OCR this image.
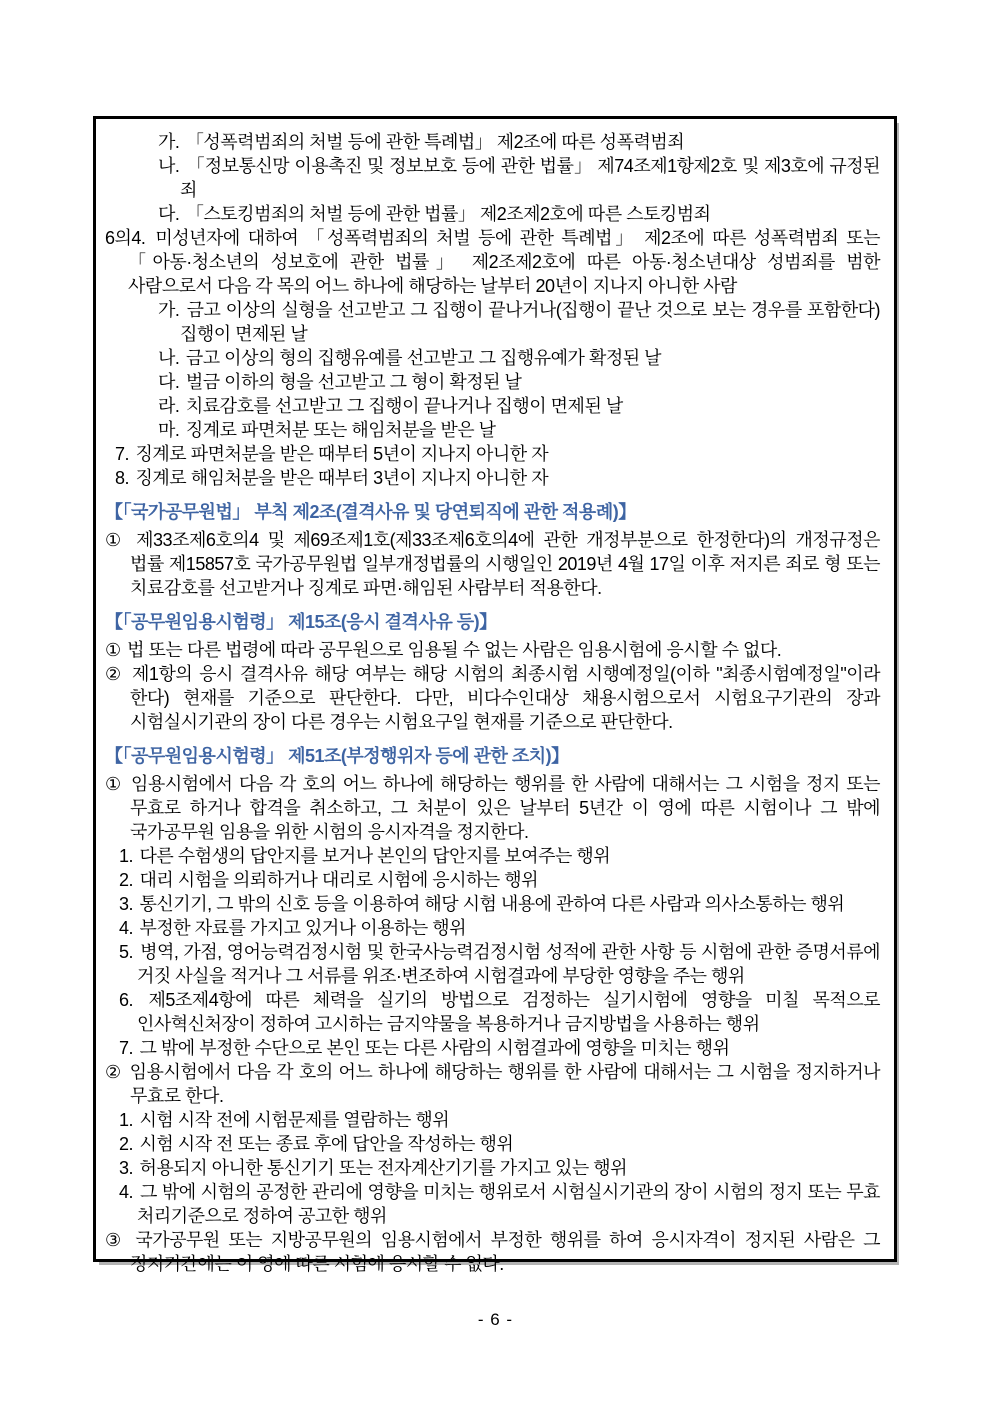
가. 「성폭력범죄의 처벌 등에 관한 특례법」 제2조에 따른 성폭력범죄

나. 「정보통신망 이용촉진 및 정보보호 등에 관한 법률」 제74조제1항제2호 및 제3호에 규정된 죄

다. 「스토킹범죄의 처벌 등에 관한 법률」 제2조제2호에 따른 스토킹범죄

6의4. 미성년자에 대하여 「성폭력범죄의 처벌 등에 관한 특례법」 제2조에 따른 성폭력범죄 또는 「아동·청소년의 성보호에 관한 법률」 제2조제2호에 따른 아동·청소년대상 성범죄를 범한 사람으로서 다음 각 목의 어느 하나에 해당하는 날부터 20년이 지나지 아니한 사람

가. 금고 이상의 실형을 선고받고 그 집행이 끝나거나(집행이 끝난 것으로 보는 경우를 포함한다) 집행이 면제된 날

나. 금고 이상의 형의 집행유예를 선고받고 그 집행유예가 확정된 날

다. 벌금 이하의 형을 선고받고 그 형이 확정된 날

라. 치료감호를 선고받고 그 집행이 끝나거나 집행이 면제된 날

마. 징계로 파면처분 또는 해임처분을 받은 날

7. 징계로 파면처분을 받은 때부터 5년이 지나지 아니한 자

8. 징계로 해임처분을 받은 때부터 3년이 지나지 아니한 자

【「국가공무원법」 부칙 제2조(결격사유 및 당연퇴직에 관한 적용례)】

① 제33조제6호의4 및 제69조제1호(제33조제6호의4에 관한 개정부분으로 한정한다)의 개정규정은 법률 제15857호 국가공무원법 일부개정법률의 시행일인 2019년 4월 17일 이후 저지른 죄로 형 또는 치료감호를 선고받거나 징계로 파면·해임된 사람부터 적용한다.

【「공무원임용시험령」 제15조(응시 결격사유 등)】

① 법 또는 다른 법령에 따라 공무원으로 임용될 수 없는 사람은 임용시험에 응시할 수 없다.

② 제1항의 응시 결격사유 해당 여부는 해당 시험의 최종시험 시행예정일(이하 "최종시험예정일"이라 한다) 현재를 기준으로 판단한다. 다만, 비다수인대상 채용시험으로서 시험요구기관의 장과 시험실시기관의 장이 다른 경우는 시험요구일 현재를 기준으로 판단한다.

【「공무원임용시험령」 제51조(부정행위자 등에 관한 조치)】

① 임용시험에서 다음 각 호의 어느 하나에 해당하는 행위를 한 사람에 대해서는 그 시험을 정지 또는 무효로 하거나 합격을 취소하고, 그 처분이 있은 날부터 5년간 이 영에 따른 시험이나 그 밖에 국가공무원 임용을 위한 시험의 응시자격을 정지한다.

1. 다른 수험생의 답안지를 보거나 본인의 답안지를 보여주는 행위

2. 대리 시험을 의뢰하거나 대리로 시험에 응시하는 행위

3. 통신기기, 그 밖의 신호 등을 이용하여 해당 시험 내용에 관하여 다른 사람과 의사소통하는 행위

4. 부정한 자료를 가지고 있거나 이용하는 행위

5. 병역, 가점, 영어능력검정시험 및 한국사능력검정시험 성적에 관한 사항 등 시험에 관한 증명서류에 거짓 사실을 적거나 그 서류를 위조·변조하여 시험결과에 부당한 영향을 주는 행위

6. 제5조제4항에 따른 체력을 실기의 방법으로 검정하는 실기시험에 영향을 미칠 목적으로 인사혁신처장이 정하여 고시하는 금지약물을 복용하거나 금지방법을 사용하는 행위

7. 그 밖에 부정한 수단으로 본인 또는 다른 사람의 시험결과에 영향을 미치는 행위

② 임용시험에서 다음 각 호의 어느 하나에 해당하는 행위를 한 사람에 대해서는 그 시험을 정지하거나 무효로 한다.

1. 시험 시작 전에 시험문제를 열람하는 행위

2. 시험 시작 전 또는 종료 후에 답안을 작성하는 행위

3. 허용되지 아니한 통신기기 또는 전자계산기기를 가지고 있는 행위

4. 그 밖에 시험의 공정한 관리에 영향을 미치는 행위로서 시험실시기관의 장이 시험의 정지 또는 무효 처리기준으로 정하여 공고한 행위

③ 국가공무원 또는 지방공무원의 임용시험에서 부정한 행위를 하여 응시자격이 정지된 사람은 그 정지기간에는 이 영에 따른 시험에 응시할 수 없다.

- 6 -
